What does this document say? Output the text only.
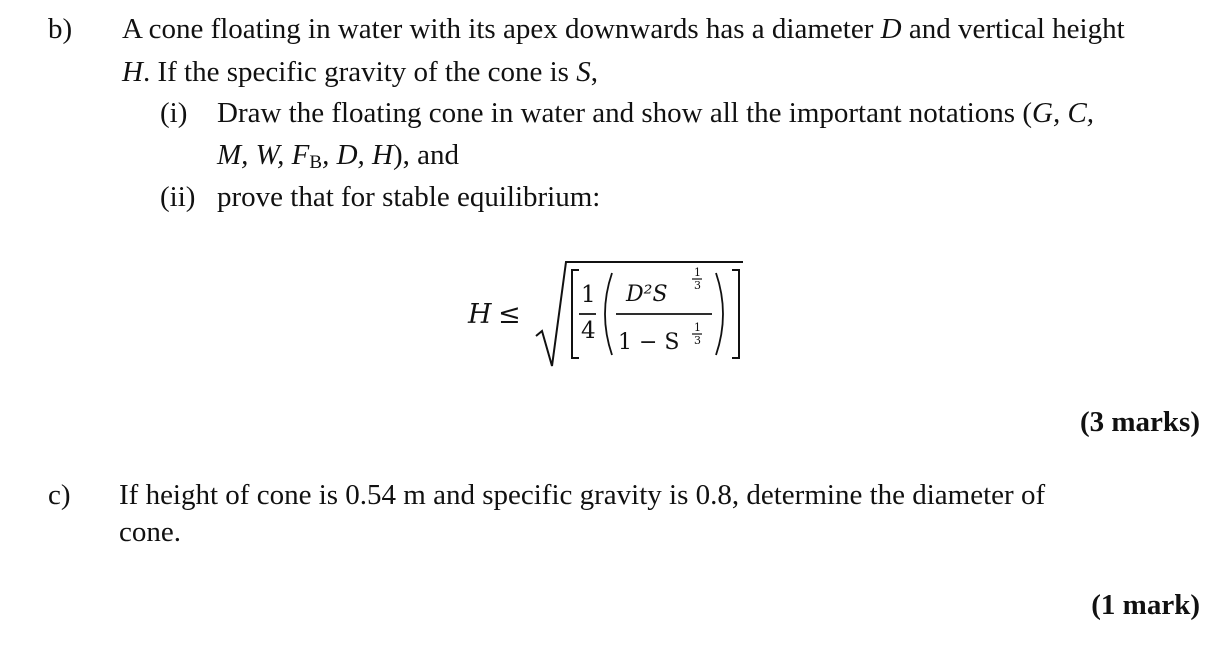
b) A cone floating in water with its apex downwards has a diameter D and vertical height
H. If the specific gravity of the cone is S,
(i) Draw the floating cone in water and show all the important notations (G, C,
M, W, $F_B$, D, H), and
(ii) prove that for stable equilibrium:
H ≤
1
4
D²S
1
3
1 − S
1
3
(3 marks)
c) If height of cone is 0.54 m and specific gravity is 0.8, determine the diameter of
cone.
(1 mark)
